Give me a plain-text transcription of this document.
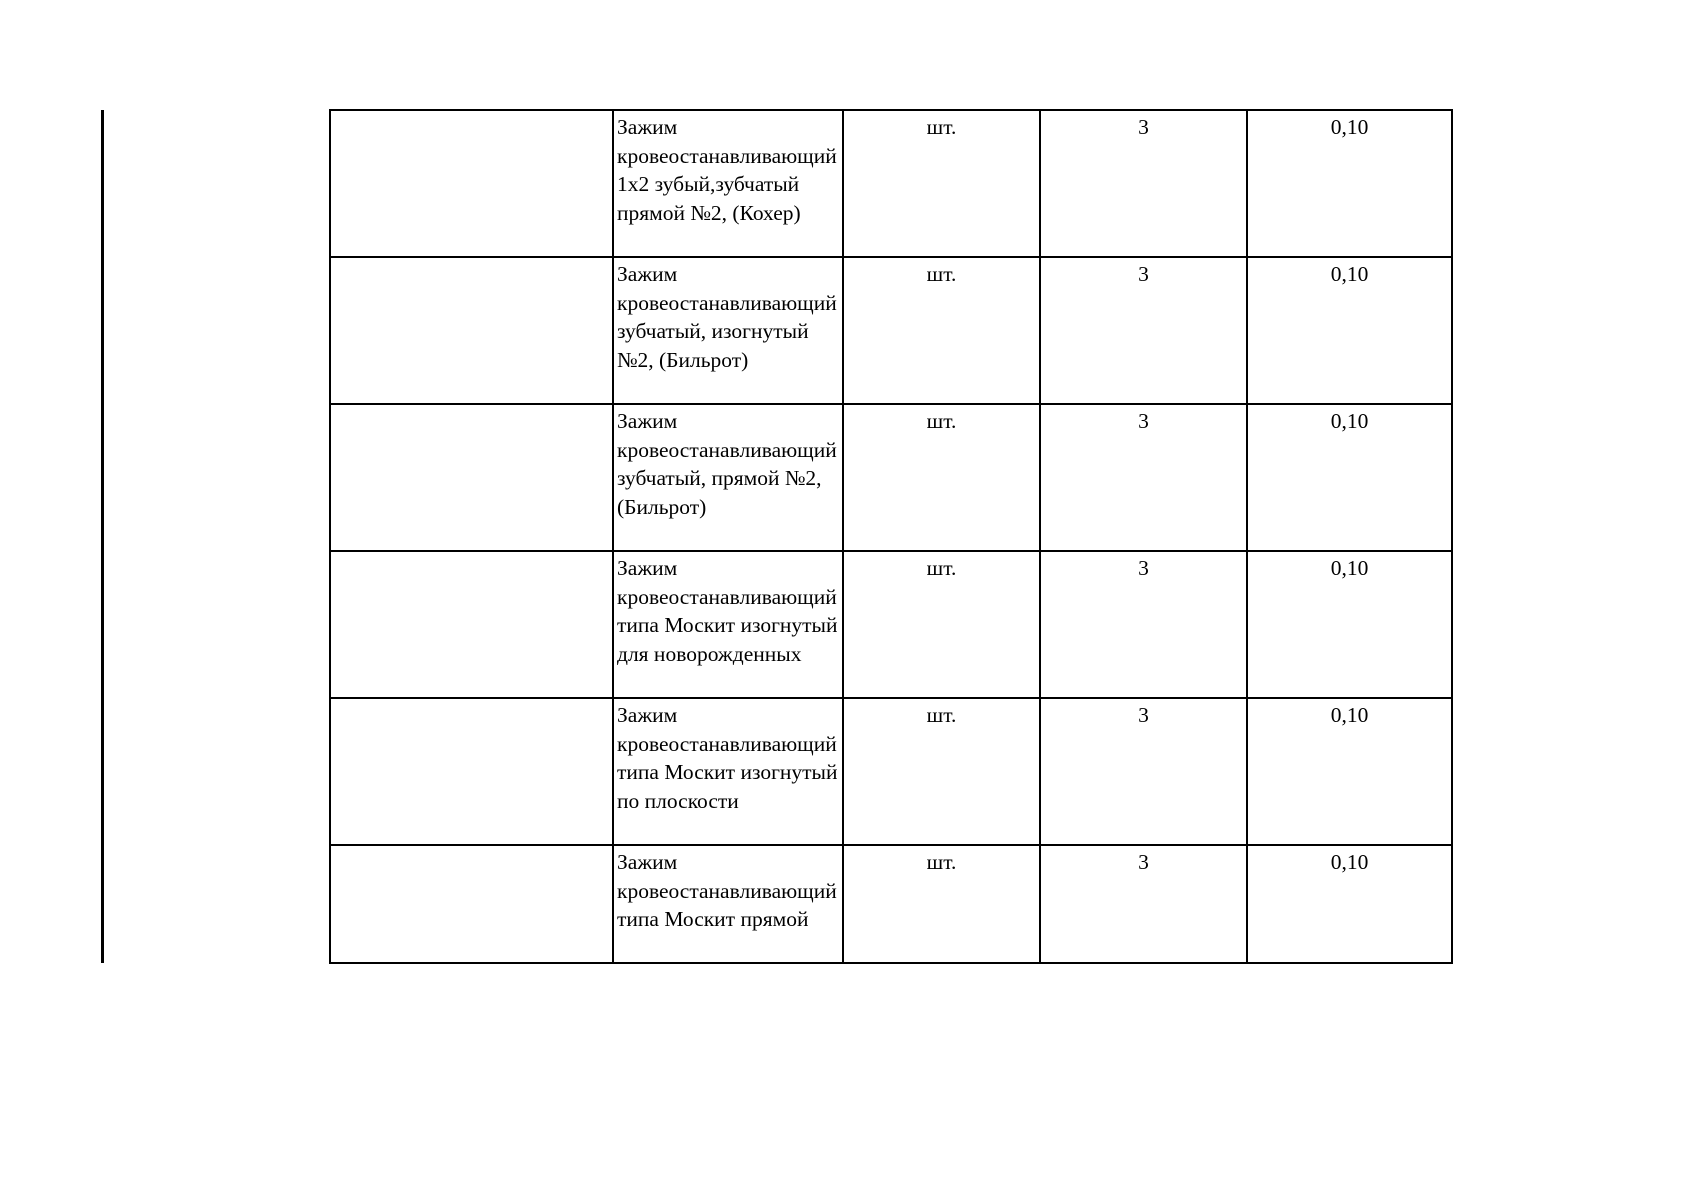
	Зажим кровеостанавливающий 1х2 зубый,зубчатый прямой №2, (Кохер)	шт.	3	0,10
	Зажим кровеостанавливающий зубчатый, изогнутый №2, (Бильрот)	шт.	3	0,10
	Зажим кровеостанавливающий зубчатый, прямой №2, (Бильрот)	шт.	3	0,10
	Зажим кровеостанавливающий типа Москит изогнутый для новорожденных	шт.	3	0,10
	Зажим кровеостанавливающий типа Москит изогнутый по плоскости	шт.	3	0,10
	Зажим кровеостанавливающий типа Москит прямой	шт.	3	0,10
